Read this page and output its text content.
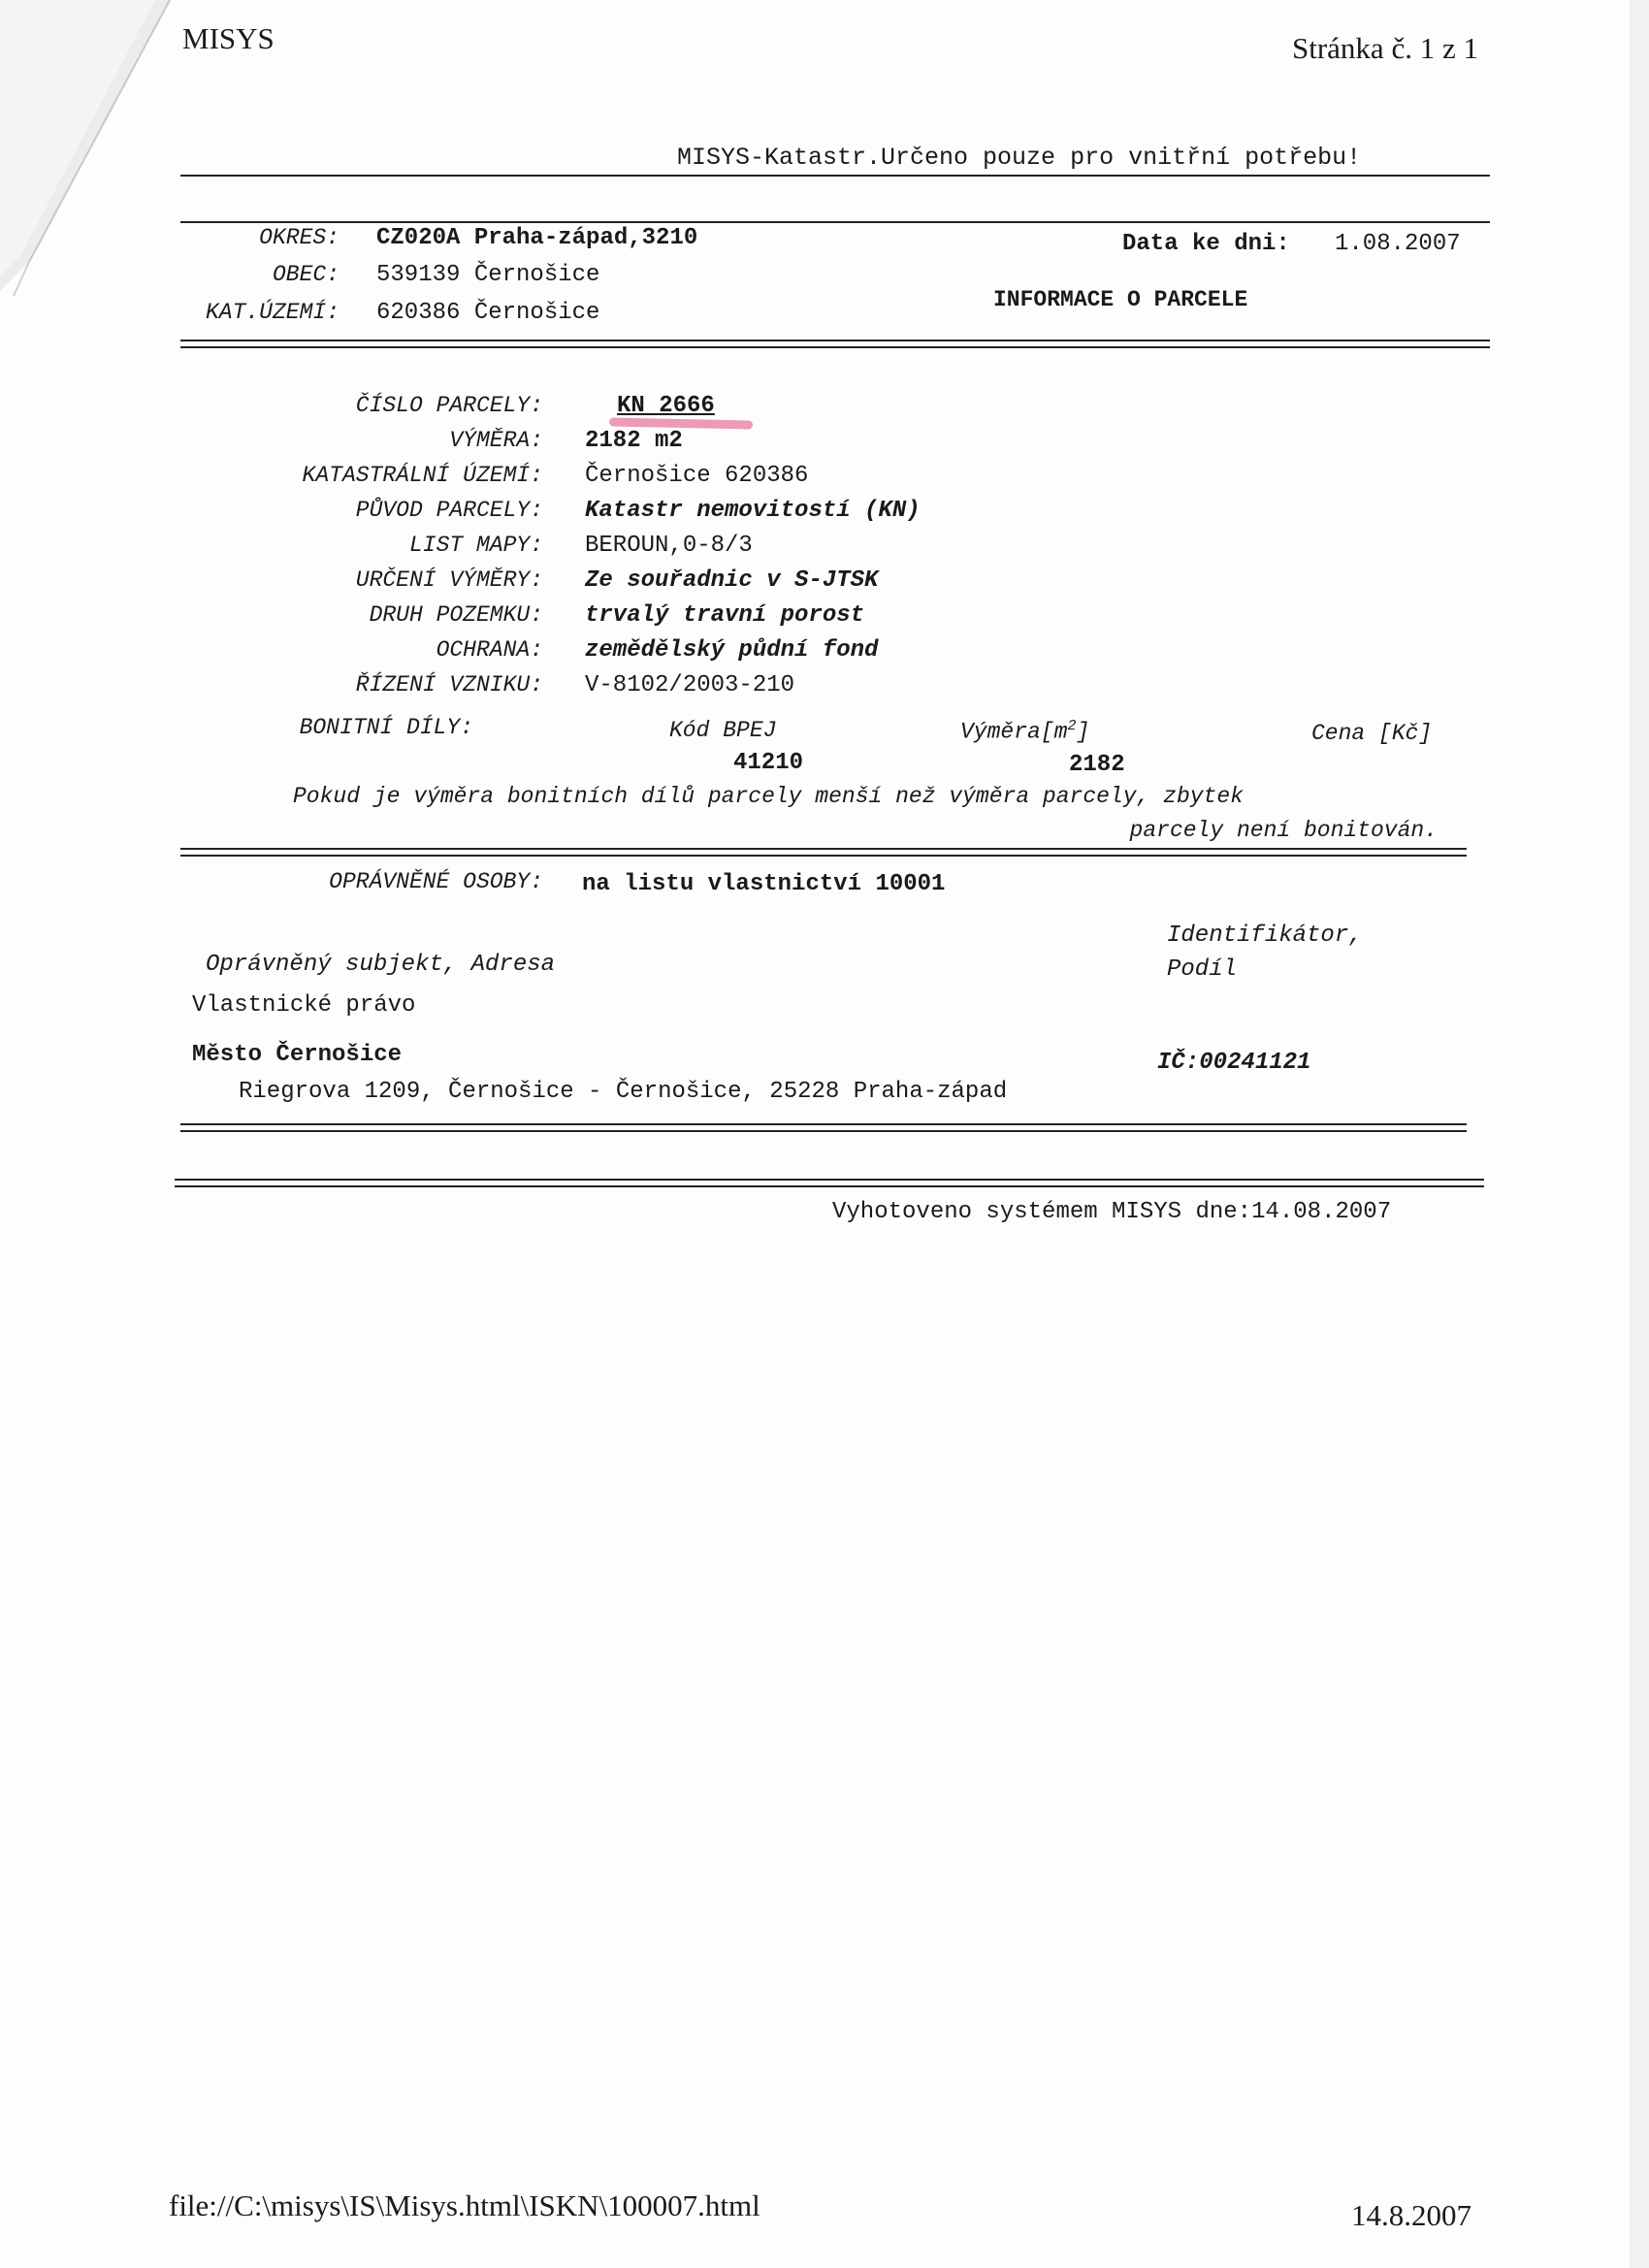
MISYS	Stránka č. 1 z 1
MISYS-Katastr.Určeno pouze pro vnitřní potřebu!
OKRES: CZ020A Praha-západ,3210
OBEC: 539139 Černošice
KAT.ÚZEMÍ: 620386 Černošice
Data ke dni: 1.08.2007
INFORMACE O PARCELE
ČÍSLO PARCELY:	KN 2666
VÝMĚRA: 2182 m2
KATASTRÁLNÍ ÚZEMÍ: Černošice 620386
PŮVOD PARCELY: Katastr nemovitostí (KN)
LIST MAPY: BEROUN,0-8/3
URČENÍ VÝMĚRY: Ze souřadnic v S-JTSK
DRUH POZEMKU: trvalý travní porost
OCHRANA: zemědělský půdní fond
ŘÍZENÍ VZNIKU: V-8102/2003-210
BONITNÍ DÍLY:	Kód BPEJ	$Výměra[m^2]$	Cena [Kč]
41210	2182
Pokud je výměra bonitních dílů parcely menší než výměra parcely, zbytek
parcely není bonitován.
OPRÁVNĚNÉ OSOBY: na listu vlastnictví 10001
Oprávněný subjekt, Adresa
Identifikátor,
Podíl
Vlastnické právo
Město Černošice	IČ:00241121
Riegrova 1209, Černošice - Černošice, 25228 Praha-západ
Vyhotoveno systémem MISYS dne:14.08.2007
file://C:\misys\IS\Misys.html\ISKN\100007.html	14.8.2007
